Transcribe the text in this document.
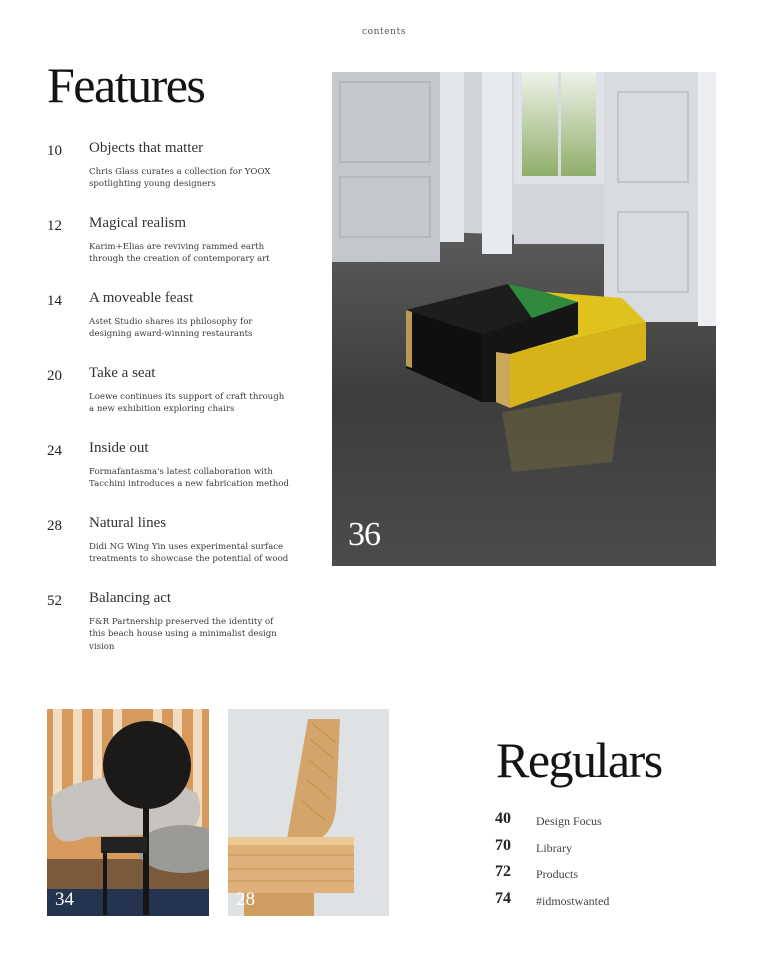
contents
Features
10 Objects that matter
Chris Glass curates a collection for YOOX spotlighting young designers
12 Magical realism
Karim+Elias are reviving rammed earth through the creation of contemporary art
14 A moveable feast
Astet Studio shares its philosophy for designing award-winning restaurants
20 Take a seat
Loewe continues its support of craft through a new exhibition exploring chairs
24 Inside out
Formafantasma's latest collaboration with Tacchini introduces a new fabrication method
28 Natural lines
Didi NG Wing Yin uses experimental surface treatments to showcase the potential of wood
52 Balancing act
F&R Partnership preserved the identity of this beach house using a minimalist design vision
36
34	28
Regulars
40 Design Focus
70 Library
72 Products
74 #idmostwanted
